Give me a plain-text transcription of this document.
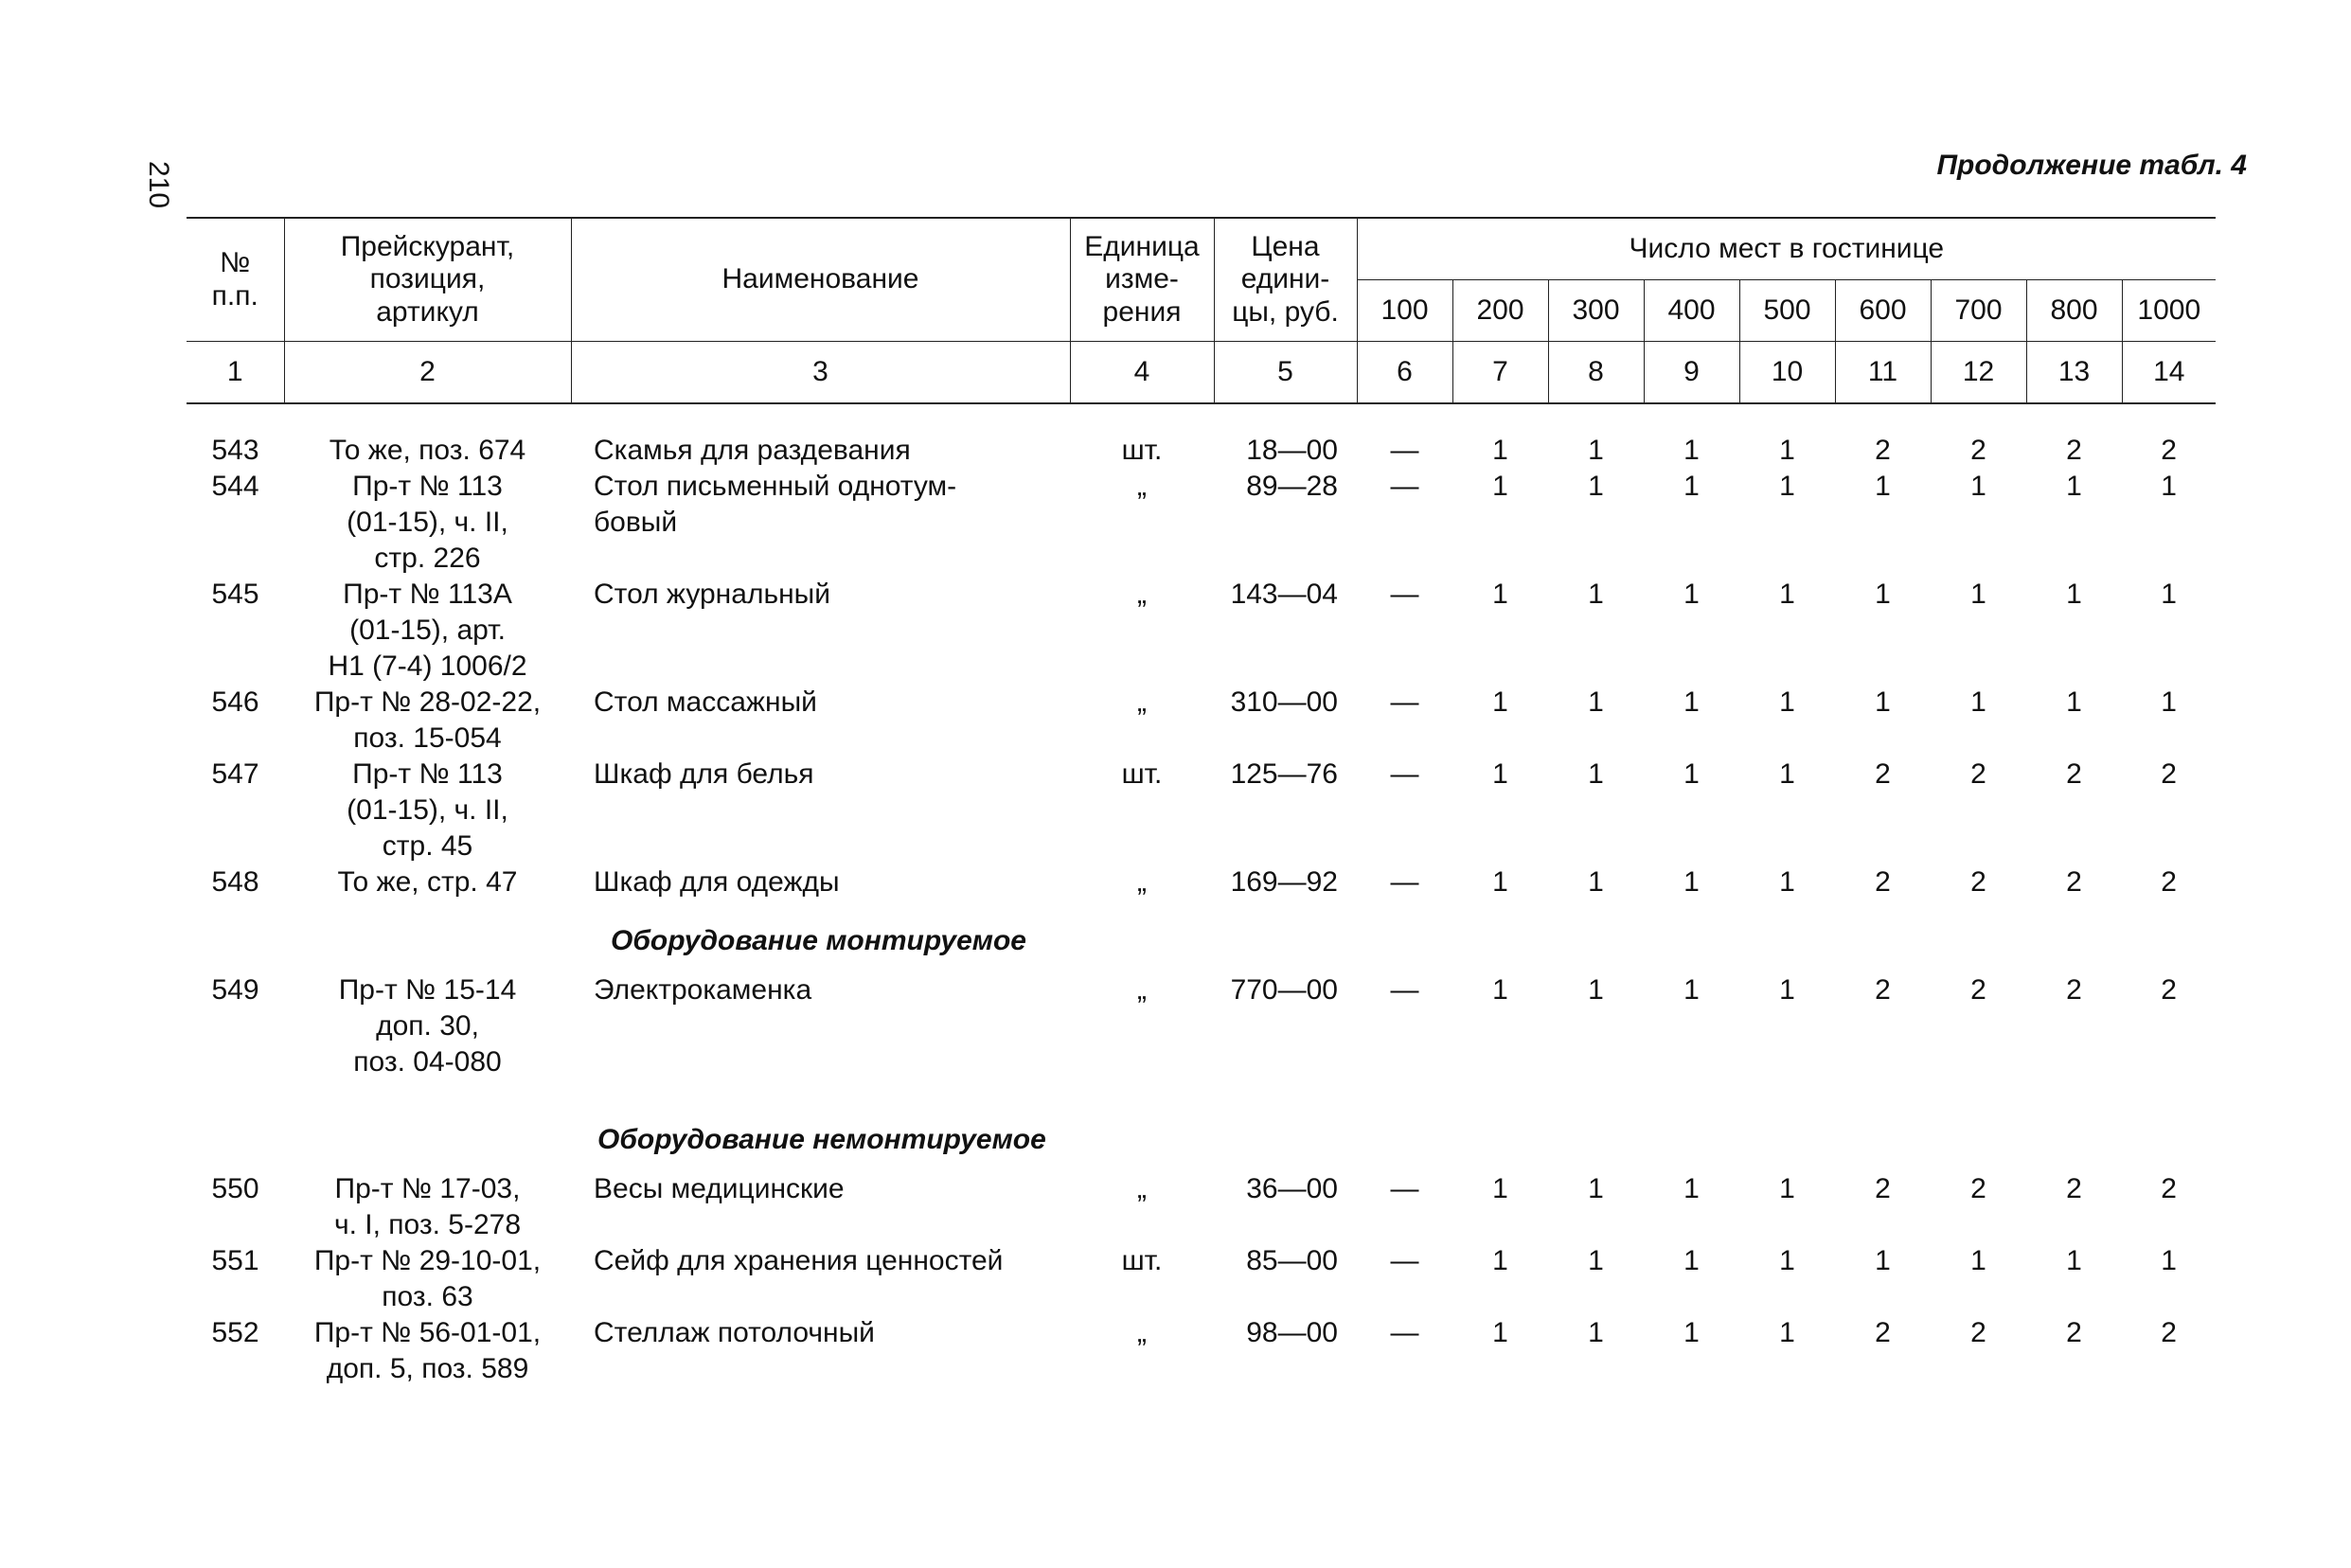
210	Продолжение табл. 4
№
п.п.	Прейскурант,
позиция,
артикул	Наименование	Единица
изме-
рения	Цена
едини-
цы, руб.	Число мест в гостинице								
					100	200	300	400	500	600	700	800	1000
1	2	3	4	5	6	7	8	9	10	11	12	13	14

543	То же, поз. 674	Скамья для раздевания	шт.	18—00	—	1	1	1	1	2	2	2	2
544	Пр-т № 113
(01-15), ч. II,
стр. 226	Стол письменный однотум-
бовый	„	89—28	—	1	1	1	1	1	1	1	1
545	Пр-т № 113А
(01-15), арт.
Н1 (7-4) 1006/2	Стол журнальный	„	143—04	—	1	1	1	1	1	1	1	1
546	Пр-т № 28-02-22,
поз. 15-054	Стол массажный	„	310—00	—	1	1	1	1	1	1	1	1
547	Пр-т № 113
(01-15), ч. II,
стр. 45	Шкаф для белья	шт.	125—76	—	1	1	1	1	2	2	2	2
548	То же, стр. 47	Шкаф для одежды	„	169—92	—	1	1	1	1	2	2	2	2
		Оборудование монтируемое											
549	Пр-т № 15-14
доп. 30,
поз. 04-080	Электрокаменка	„	770—00	—	1	1	1	1	2	2	2	2

		Оборудование немонтируемое											
550	Пр-т № 17-03,
ч. I, поз. 5-278	Весы медицинские	„	36—00	—	1	1	1	1	2	2	2	2
551	Пр-т № 29-10-01,
поз. 63	Сейф для хранения ценностей	шт.	85—00	—	1	1	1	1	1	1	1	1
552	Пр-т № 56-01-01,
доп. 5, поз. 589	Стеллаж потолочный	„	98—00	—	1	1	1	1	2	2	2	2
